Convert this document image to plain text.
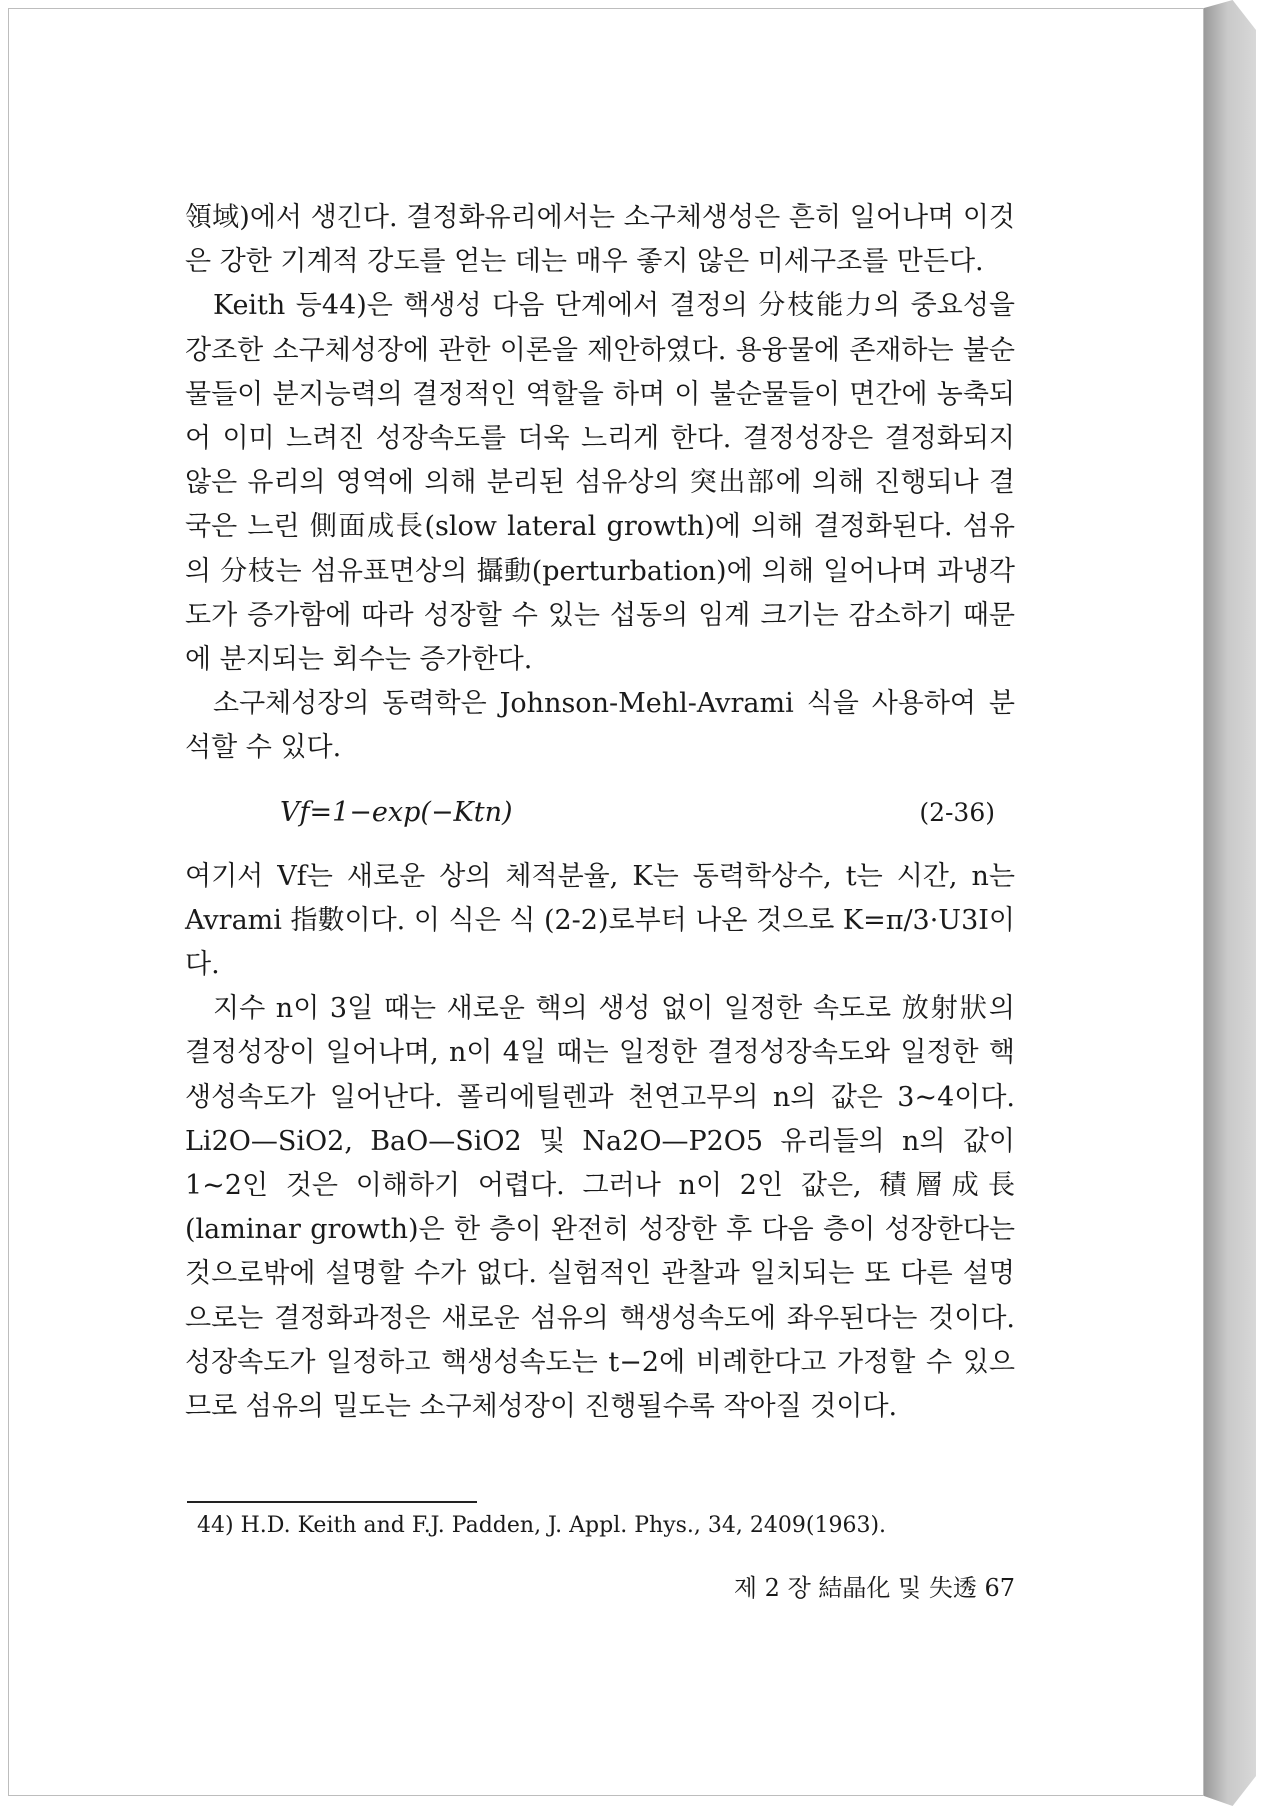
領域)에서 생긴다. 결정화유리에서는 소구체생성은 흔히 일어나며 이것은 강한 기계적 강도를 얻는 데는 매우 좋지 않은 미세구조를 만든다.

Keith 등44)은 핵생성 다음 단계에서 결정의 分枝能力의 중요성을 강조한 소구체성장에 관한 이론을 제안하였다. 용융물에 존재하는 불순물들이 분지능력의 결정적인 역할을 하며 이 불순물들이 면간에 농축되어 이미 느려진 성장속도를 더욱 느리게 한다. 결정성장은 결정화되지 않은 유리의 영역에 의해 분리된 섬유상의 突出部에 의해 진행되나 결국은 느린 側面成長(slow lateral growth)에 의해 결정화된다. 섬유의 分枝는 섬유표면상의 攝動(perturbation)에 의해 일어나며 과냉각도가 증가함에 따라 성장할 수 있는 섭동의 임계 크기는 감소하기 때문에 분지되는 회수는 증가한다.

소구체성장의 동력학은 Johnson-Mehl-Avrami 식을 사용하여 분석할 수 있다.

Vf=1−exp(−Ktn)	(2-36)

여기서 Vf는 새로운 상의 체적분율, K는 동력학상수, t는 시간, n는 Avrami 指數이다. 이 식은 식 (2-2)로부터 나온 것으로 K=π/3·U3I이다.

지수 n이 3일 때는 새로운 핵의 생성 없이 일정한 속도로 放射狀의 결정성장이 일어나며, n이 4일 때는 일정한 결정성장속도와 일정한 핵생성속도가 일어난다. 폴리에틸렌과 천연고무의 n의 값은 3~4이다. Li2O—SiO2, BaO—SiO2 및 Na2O—P2O5 유리들의 n의 값이 1~2인 것은 이해하기 어렵다. 그러나 n이 2인 값은, 積層成長(laminar growth)은 한 층이 완전히 성장한 후 다음 층이 성장한다는 것으로밖에 설명할 수가 없다. 실험적인 관찰과 일치되는 또 다른 설명으로는 결정화과정은 새로운 섬유의 핵생성속도에 좌우된다는 것이다. 성장속도가 일정하고 핵생성속도는 t−2에 비례한다고 가정할 수 있으므로 섬유의 밀도는 소구체성장이 진행될수록 작아질 것이다.

44) H.D. Keith and F.J. Padden, J. Appl. Phys., 34, 2409(1963).
제 2 장 結晶化 및 失透 67
